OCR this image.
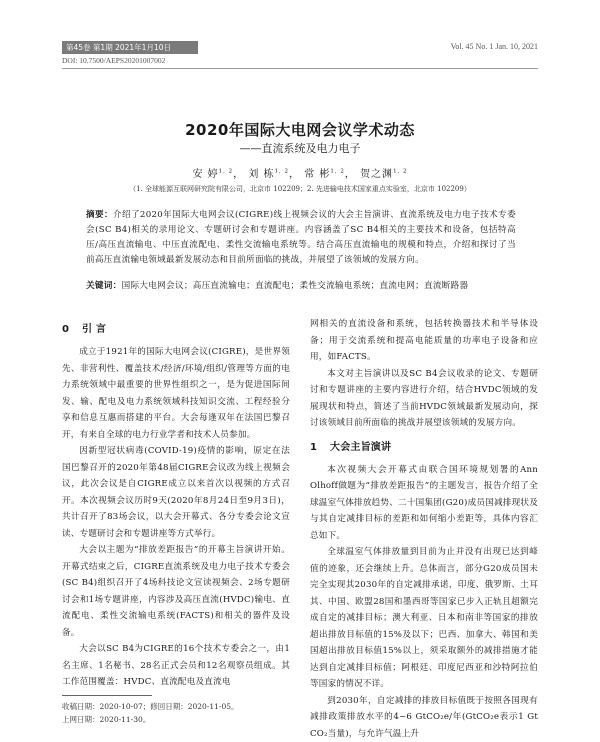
第45卷 第1期 2021年1月10日	Vol. 45 No. 1 Jan. 10, 2021
DOI: 10.7500/AEPS20201007002
2020年国际大电网会议学术动态
——直流系统及电力电子
安 婷$^{1, 2}$， 刘 栋$^{1, 2}$， 常 彬$^{1, 2}$， 贺之渊$^{1, 2}$
（1. 全球能源互联网研究院有限公司，北京市 102209；2. 先进输电技术国家重点实验室，北京市 102209）
摘要：介绍了2020年国际大电网会议(CIGRE)线上视频会议的大会主旨演讲、直流系统及电力电子技术专委会(SC B4)相关的录用论文、专题研讨会和专题讲座。内容涵盖了SC B4相关的主要技术和设备，包括特高压/高压直流输电、中压直流配电、柔性交流输电系统等。结合高压直流输电的规模和特点，介绍和探讨了当前高压直流输电领域最新发展动态和目前所面临的挑战，并展望了该领域的发展方向。
关键词：国际大电网会议；高压直流输电；直流配电；柔性交流输电系统；直流电网；直流断路器
0 引 言

成立于1921年的国际大电网会议(CIGRE)，是世界领先、非营利性、覆盖技术/经济/环境/组织/管理等方面的电力系统领域中最重要的世界性组织之一，是为促进国际间发、输、配电及电力系统领域科技知识交流、工程经验分享和信息互惠而搭建的平台。大会每逢双年在法国巴黎召开，有来自全球的电力行业学者和技术人员参加。

因新型冠状病毒(COVID-19)疫情的影响，原定在法国巴黎召开的2020年第48届CIGRE会议改为线上视频会议，此次会议是自CIGRE成立以来首次以视频的方式召开。本次视频会议历时9天(2020年8月24日至9月3日)，共计召开了83场会议，以大会开幕式、各分专委会论文宣读、专题研讨会和专题讲座等方式举行。

大会以主题为“排放差距报告”的开幕主旨演讲开始。开幕式结束之后，CIGRE直流系统及电力电子技术专委会(SC B4)组织召开了4场科技论文宣读视频会、2场专题研讨会和1场专题讲座，内容涉及高压直流(HVDC)输电、直流配电、柔性交流输电系统(FACTS)和相关的器件及设备。

大会以SC B4为CIGRE的16个技术专委会之一，由1名主席、1名秘书、28名正式会员和12名观察员组成。其工作范围覆盖：HVDC、直流配电及直流电

网相关的直流设备和系统，包括转换器技术和半导体设备；用于交流系统和提高电能质量的功率电子设备和应用，如FACTS。

本文对主旨演讲以及SC B4会议收录的论文、专题研讨和专题讲座的主要内容进行介绍，结合HVDC领域的发展现状和特点，简述了当前HVDC领域最新发展动向，探讨该领域目前所面临的挑战并展望该领域的发展方向。

1 大会主旨演讲

本次视频大会开幕式由联合国环境规划署的Ann Olhoff做题为“排放差距报告”的主题发言，报告介绍了全球温室气体排放趋势、二十国集团(G20)成员国减排现状及与其自定减排目标的差距和如何缩小差距等，具体内容汇总如下。

全球温室气体排放量到目前为止并没有出现已达到峰值的迹象，还会继续上升。总体而言，部分G20成员国未完全实现其2030年的自定减排承诺，印度、俄罗斯、土耳其、中国、欧盟28国和墨西哥等国家已步入正轨且超额完成自定的减排目标；澳大利亚、日本和南非等国家的排放超出排放目标值的15%及以下；巴西、加拿大、韩国和美国超出排放目标值15%以上，须采取额外的减排措施才能达到自定减排目标值；阿根廷、印度尼西亚和沙特阿拉伯等国家的情况不详。

到2030年，自定减排的排放目标值既于按照各国现有减排政策排放水平的4~6 GtCO₂e/年(GtCO₂e表示1 Gt CO₂当量)，与允许气温上升

收稿日期：2020-10-07；修回日期：2020-11-05。
上网日期：2020-11-30。
